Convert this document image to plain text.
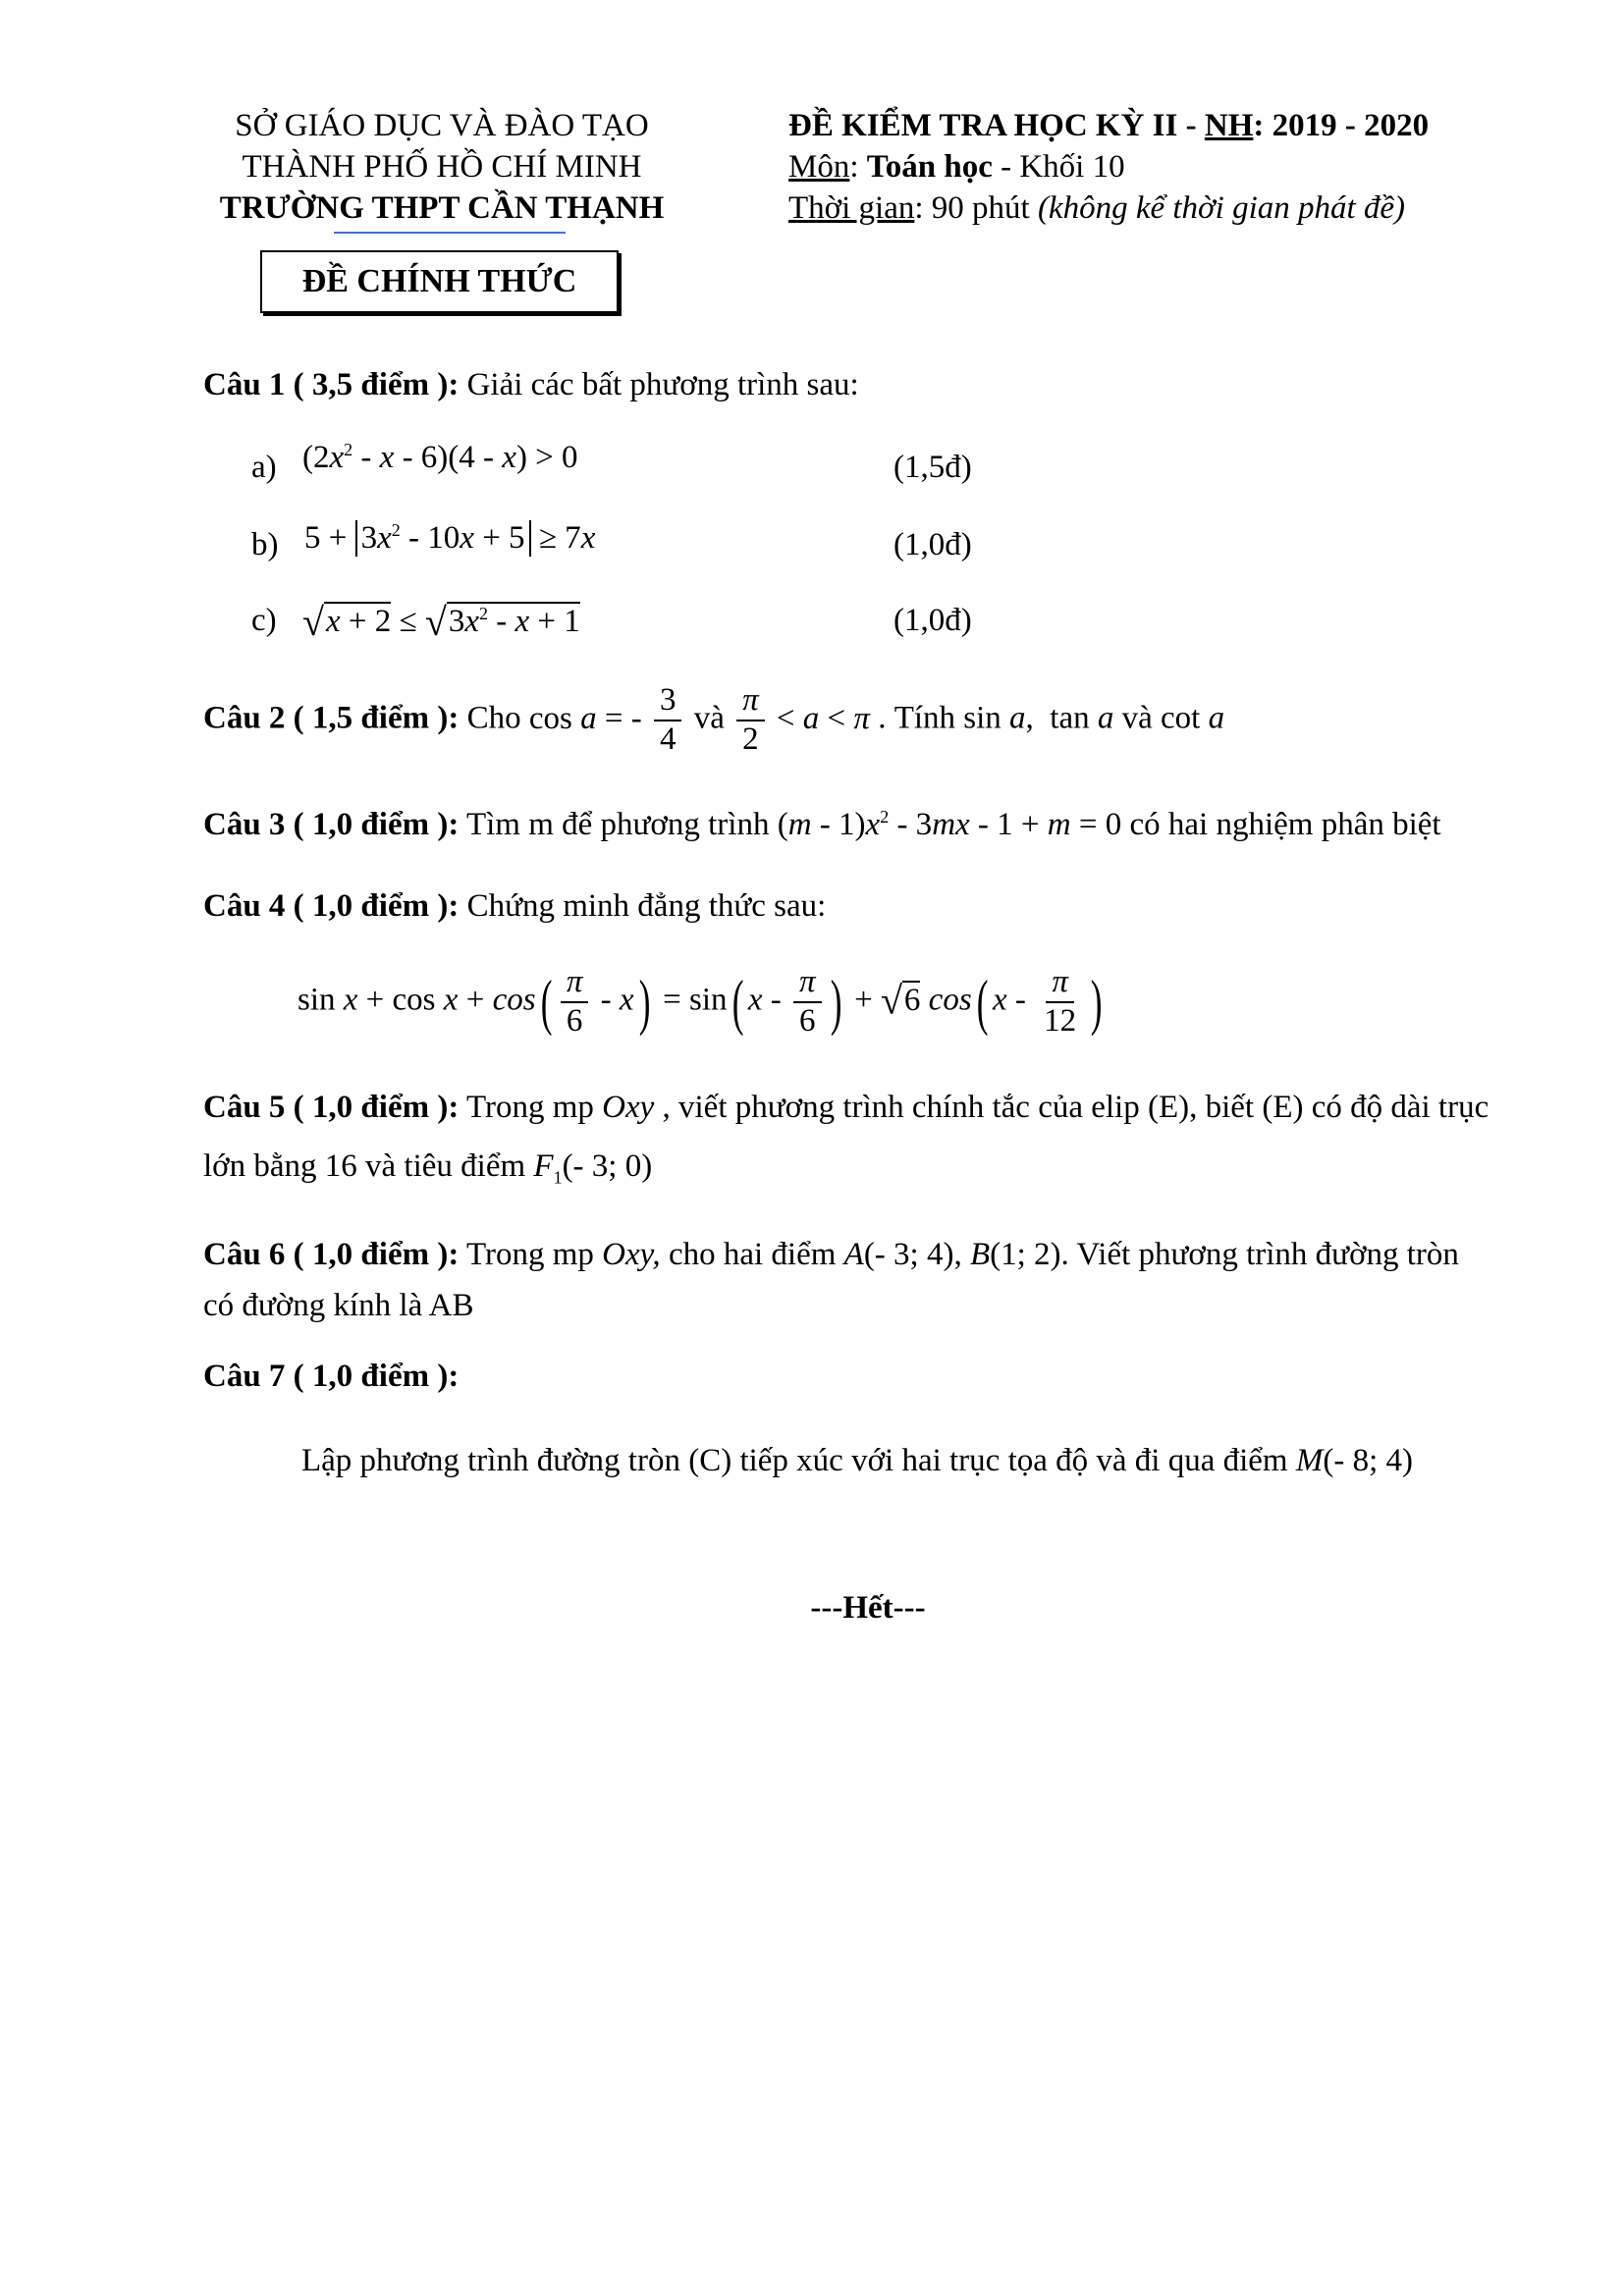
SỞ GIÁO DỤC VÀ ĐÀO TẠO
THÀNH PHỐ HỒ CHÍ MINH
TRƯỜNG THPT CẦN THẠNH
ĐỀ CHÍNH THỨC
ĐỀ KIỂM TRA HỌC KỲ II - NH: 2019 - 2020
Môn: Toán học - Khối 10
Thời gian: 90 phút (không kể thời gian phát đề)
Câu 1 ( 3,5 điểm ): Giải các bất phương trình sau:
a) $(2x^2 - x - 6)(4 - x) > 0$	(1,5đ)
b) $5 + 3x^2 - 10x + 5 \ge 7x$	(1,0đ)
c) $√x + 2 \le √3x^2 - x + 1$	(1,0đ)
Câu 2 ( 1,5 điểm ): Cho cos a = - $\frac{3}{4}$ và $\frac{\pi}{2} < a < \pi$ . Tính sin a,  tan a và cot a
Câu 3 ( 1,0 điểm ): Tìm m để phương trình $(m - 1)x^2 - 3mx - 1 + m = 0$ có hai nghiệm phân biệt
Câu 4 ( 1,0 điểm ): Chứng minh đẳng thức sau:
$\sin x + \cos x + \cos( \frac{\pi}{6} - x) = \sin$( x - $\frac{\pi}{6}$ ) + √6 cos( x - $\frac{\pi}{12}$ )
Câu 5 ( 1,0 điểm ): Trong mp Oxy , viết phương trình chính tắc của elip (E), biết (E) có độ dài trục
lớn bằng 16 và tiêu điểm $F_1(-$ 3; 0)
Câu 6 ( 1,0 điểm ): Trong mp Oxy, cho hai điểm A(- 3; 4), B(1; 2). Viết phương trình đường tròn
có đường kính là AB
Câu 7 ( 1,0 điểm ):
Lập phương trình đường tròn (C) tiếp xúc với hai trục tọa độ và đi qua điểm M(- 8; 4)
---Hết---
